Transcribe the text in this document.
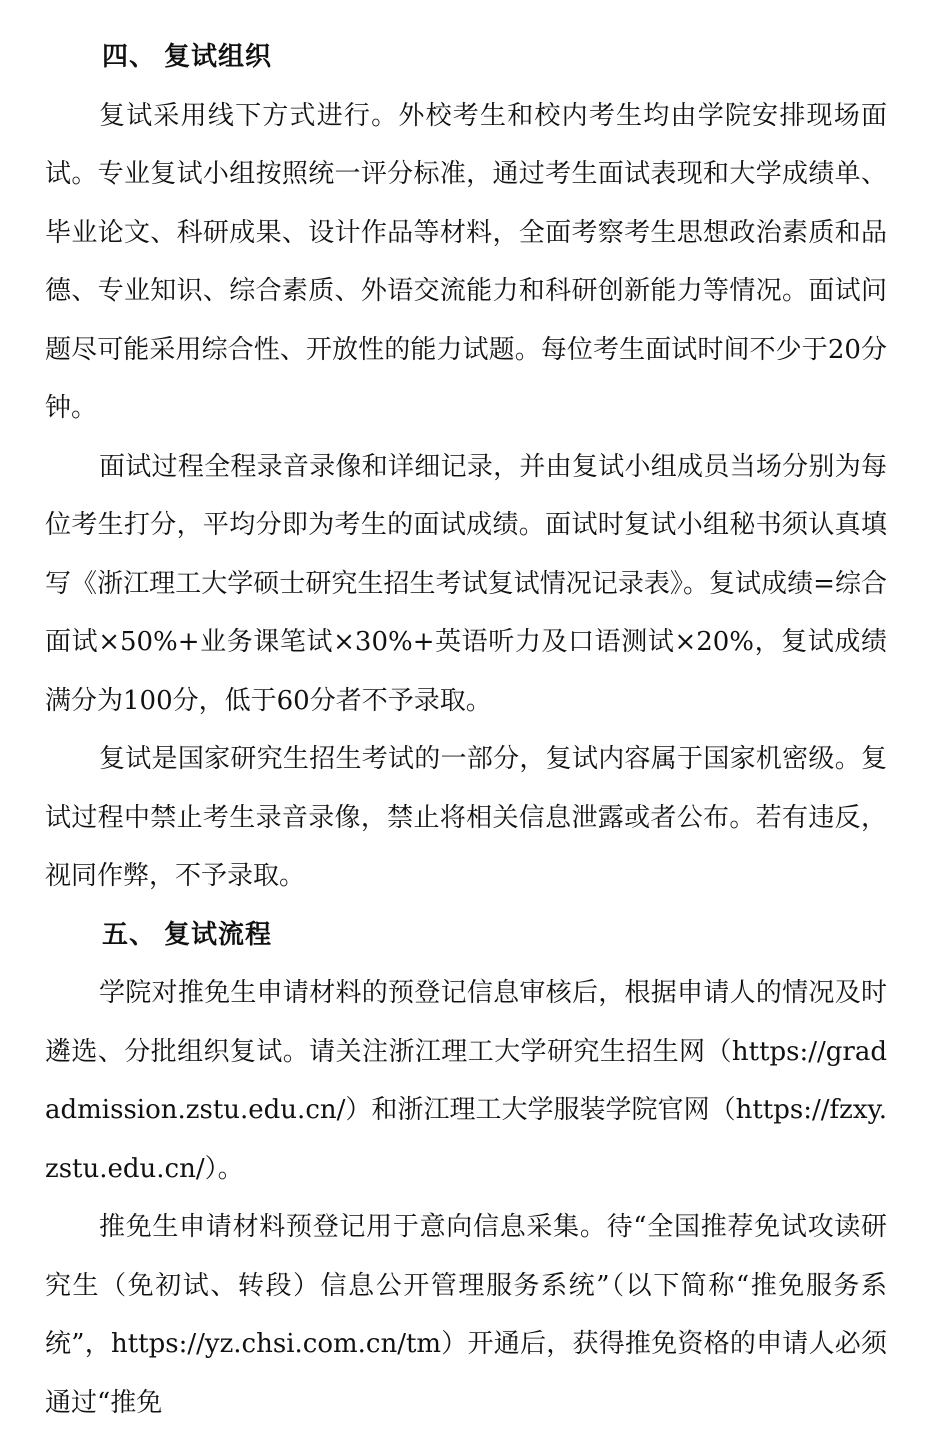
四、 复试组织

复试采用线下方式进行。外校考生和校内考生均由学院安排现场面试。专业复试小组按照统一评分标准，通过考生面试表现和大学成绩单、毕业论文、科研成果、设计作品等材料，全面考察考生思想政治素质和品德、专业知识、综合素质、外语交流能力和科研创新能力等情况。面试问题尽可能采用综合性、开放性的能力试题。每位考生面试时间不少于20分钟。

面试过程全程录音录像和详细记录，并由复试小组成员当场分别为每位考生打分，平均分即为考生的面试成绩。面试时复试小组秘书须认真填写《浙江理工大学硕士研究生招生考试复试情况记录表》。复试成绩=综合面试×50%+业务课笔试×30%+英语听力及口语测试×20%，复试成绩满分为100分，低于60分者不予录取。

复试是国家研究生招生考试的一部分，复试内容属于国家机密级。复试过程中禁止考生录音录像，禁止将相关信息泄露或者公布。若有违反，视同作弊，不予录取。

五、 复试流程

学院对推免生申请材料的预登记信息审核后，根据申请人的情况及时遴选、分批组织复试。请关注浙江理工大学研究生招生网（https://gradadmission.zstu.edu.cn/）和浙江理工大学服装学院官网（https://fzxy.zstu.edu.cn/）。

推免生申请材料预登记用于意向信息采集。待“全国推荐免试攻读研究生（免初试、转段）信息公开管理服务系统”（以下简称“推免服务系统”，https://yz.chsi.com.cn/tm）开通后，获得推免资格的申请人必须通过“推免
